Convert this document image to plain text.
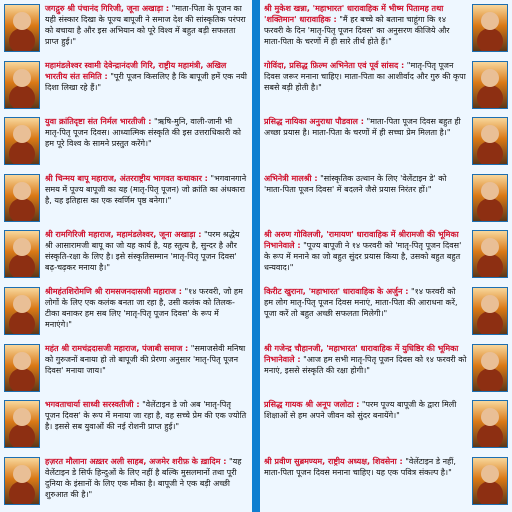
जगद्गुरु श्री पंचानंद गिरिजी, जूना अखाड़ा : "माता-पिता के पूजन का यही संस्कार दिखा के पूज्य बापूजी ने समाज देश की सांस्कृतिक परंपरा को बचाया है और इस अभियान को पूरे विश्व में बहुत बड़ी सफलता प्राप्त हुई।"
महामंडलेश्वर स्वामी देवेन्द्रानंदजी गिरि, राष्ट्रीय महामंत्री, अखिल भारतीय संत समिति : "पूरी पूजन किसलिए है कि बापूजी हमें एक नयी दिशा लिखा रहे हैं।"
युवा क्रांतिदृष्टा संत निर्मल भारतीजी : "ऋषि-मुनि, वाली-जानी भी मातृ-पितृ पूजन दिवस। आध्यात्मिक संस्कृति की इस उत्तराधिकारी को हम पूरे विश्व के सामने प्रस्तुत करेंगे।"
श्री चिन्मय बापू महाराज, अंतरराष्ट्रीय भागवत कथाकार : "भगवानगाने समय में पूज्य बापूजी का यह (मातृ-पितृ पूजन) जो क्रांति का अंधकारा है, यह इतिहास का एक स्वर्णिम पृष्ठ बनेगा।"
श्री रामगिरिजी महाराज, महामंडलेश्वर, जूना अखाड़ा : "परम श्रद्धेय श्री आसारामजी बापू का जो यह कार्य है, यह स्तुत्य है, सुन्दर है और संस्कृति-रक्षा के लिए है। इसे संस्कृतिसम्मान 'मातृ-पितृ पूजन दिवस' बढ़-चढ़कर मनाया है।"
श्रीमहंतशिरोमणि श्री रामसजनदासजी महाराज : "१४ फरवरी, जो हम लोगों के लिए एक कलंक बनता जा रहा है, उसी कलंक को तिलक-टीका बनाकर हम सब लिए 'मातृ-पितृ पूजन दिवस' के रूप में मनाएंगे।"
महंत श्री रामचंद्रदासजी महाराज, पंजाबी समाज : "समाजसेवी मनिषा को गुरुजनों बनाया हो तो बापूजी की प्रेरणा अनुसार 'मातृ-पितृ पूजन दिवस' मनाया जाय।"
भगवताचार्या साध्वी सरस्वतीजी : "वेलेंटाइन डे जो अब 'मातृ-पितृ पूजन दिवस' के रूप में मनाया जा रहा है, वह सच्चे प्रेम की एक ज्योति है। इससे सब युवाओं की नई रोशनी प्राप्त हुई।"
हज़रत मौलाना अख़्तर अली साहब, अजमेर शरीफ़ के ख़ादिम : "यह वेलेंटाइन डे सिर्फ हिन्दुओं के लिए नहीं है बल्कि मुसलमानों तथा पूरी दुनिया के इंसानों के लिए एक मौका है। बापूजी ने एक बड़ी अच्छी शुरुआत की है।"
श्री मुकेश खन्ना, 'महाभारत' धारावाहिक में भीष्म पितामह तथा 'शक्तिमान' धारावाहिक : "मैं हर बच्चे को बताना चाहूंगा कि १४ फरवरी के दिन 'मातृ-पितृ पूजन दिवस' का अनुसरण कीजिये और माता-पिता के चरणों में ही सारे तीर्थ होते हैं।"
गोविंदा, प्रसिद्ध फ़िल्म अभिनेता एवं पूर्व सांसद : "मातृ-पितृ पूजन दिवस जरूर मनाना चाहिए। माता-पिता का आशीर्वाद और गुरु की कृपा सबसे बड़ी होती है।"
प्रसिद्ध नायिका अनुराधा पौडवाल : "माता-पिता पूजन दिवस बहुत ही अच्छा प्रयास है। माता-पिता के चरणों में ही सच्चा प्रेम मिलता है।"
अभिनेत्री मालश्री : "सांस्कृतिक उत्थान के लिए 'वेलेंटाइन डे' को 'माता-पिता पूजन दिवस' में बदलने जैसे प्रयास निरंतर हों।"
श्री अरुण गोविलजी, 'रामायण' धारावाहिक में श्रीरामजी की भूमिका निभानेवाले : "पूज्य बापूजी ने १४ फरवरी को 'मातृ-पितृ पूजन दिवस' के रूप में मनाने का जो बहुत सुंदर प्रयास किया है, उसको बहुत बहुत धन्यवाद।"
किरीट खुराना, 'महाभारत' धारावाहिक के अर्जुन : "१४ फरवरी को हम लोग मातृ-पितृ पूजन दिवस मनाएं, माता-पिता की आराधना करें, पूजा करें तो बहुत अच्छी सफलता मिलेगी।"
श्री गजेन्द्र चौहानजी, 'महाभारत' धारावाहिक में युधिष्ठिर की भूमिका निभानेवाले : "आज हम सभी मातृ-पितृ पूजन दिवस को १४ फरवरी को मनाएं, इससे संस्कृति की रक्षा होगी।"
प्रसिद्ध गायक श्री अनूप जलोटा : "परम पूज्य बापूजी के द्वारा मिली शिक्षाओं से हम अपने जीवन को सुंदर बनायेंगे।"
श्री प्रवीण सुब्रमण्यम, राष्ट्रीय अध्यक्ष, शिवसेना : "वेलेंटाइन डे नहीं, माता-पिता पूजन दिवस मनाना चाहिए। यह एक पवित्र संकल्प है।"
